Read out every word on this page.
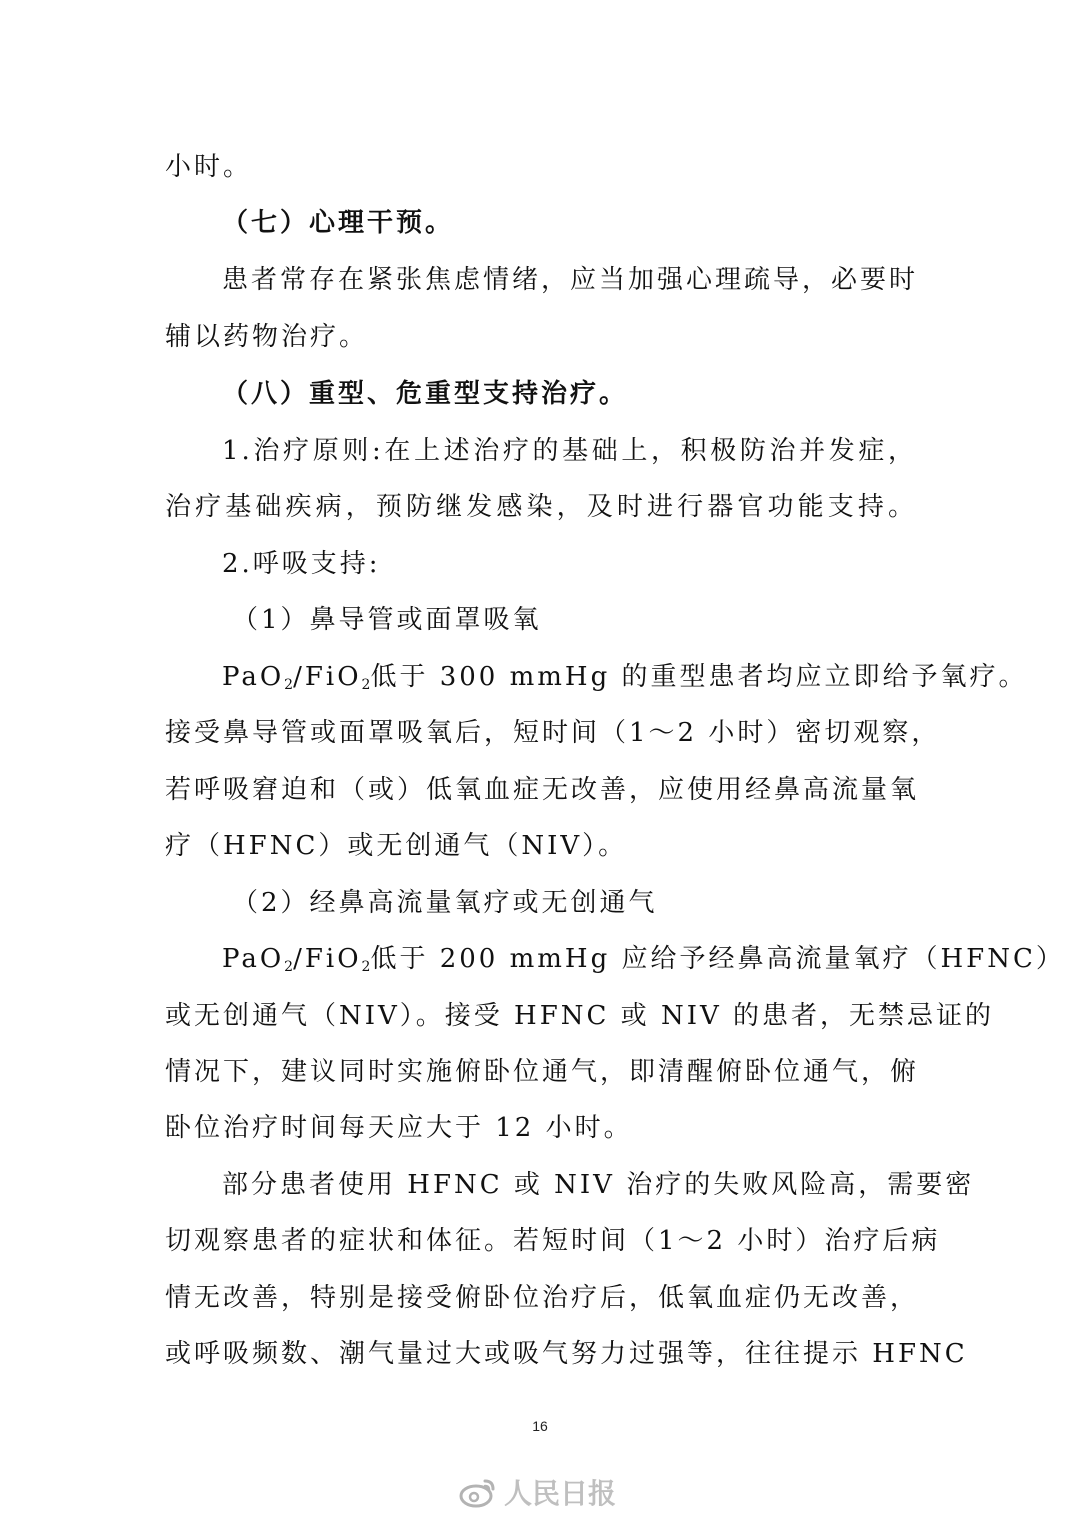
小时。
（七）心理干预。
患者常存在紧张焦虑情绪，应当加强心理疏导，必要时
辅以药物治疗。
（八）重型、危重型支持治疗。
1.治疗原则:在上述治疗的基础上，积极防治并发症，
治疗基础疾病，预防继发感染，及时进行器官功能支持。
2.呼吸支持:
（1）鼻导管或面罩吸氧
PaO$_2$/FiO$_2$低于 300 mmHg 的重型患者均应立即给予氧疗。
接受鼻导管或面罩吸氧后，短时间（1～2 小时）密切观察，
若呼吸窘迫和（或）低氧血症无改善，应使用经鼻高流量氧
疗（HFNC）或无创通气（NIV）。
（2）经鼻高流量氧疗或无创通气
PaO$_2$/FiO$_2$低于 200 mmHg 应给予经鼻高流量氧疗（HFNC）
或无创通气（NIV）。接受 HFNC 或 NIV 的患者，无禁忌证的
情况下，建议同时实施俯卧位通气，即清醒俯卧位通气，俯
卧位治疗时间每天应大于 12 小时。
部分患者使用 HFNC 或 NIV 治疗的失败风险高，需要密
切观察患者的症状和体征。若短时间（1～2 小时）治疗后病
情无改善，特别是接受俯卧位治疗后，低氧血症仍无改善，
或呼吸频数、潮气量过大或吸气努力过强等，往往提示 HFNC
16
人民日报
